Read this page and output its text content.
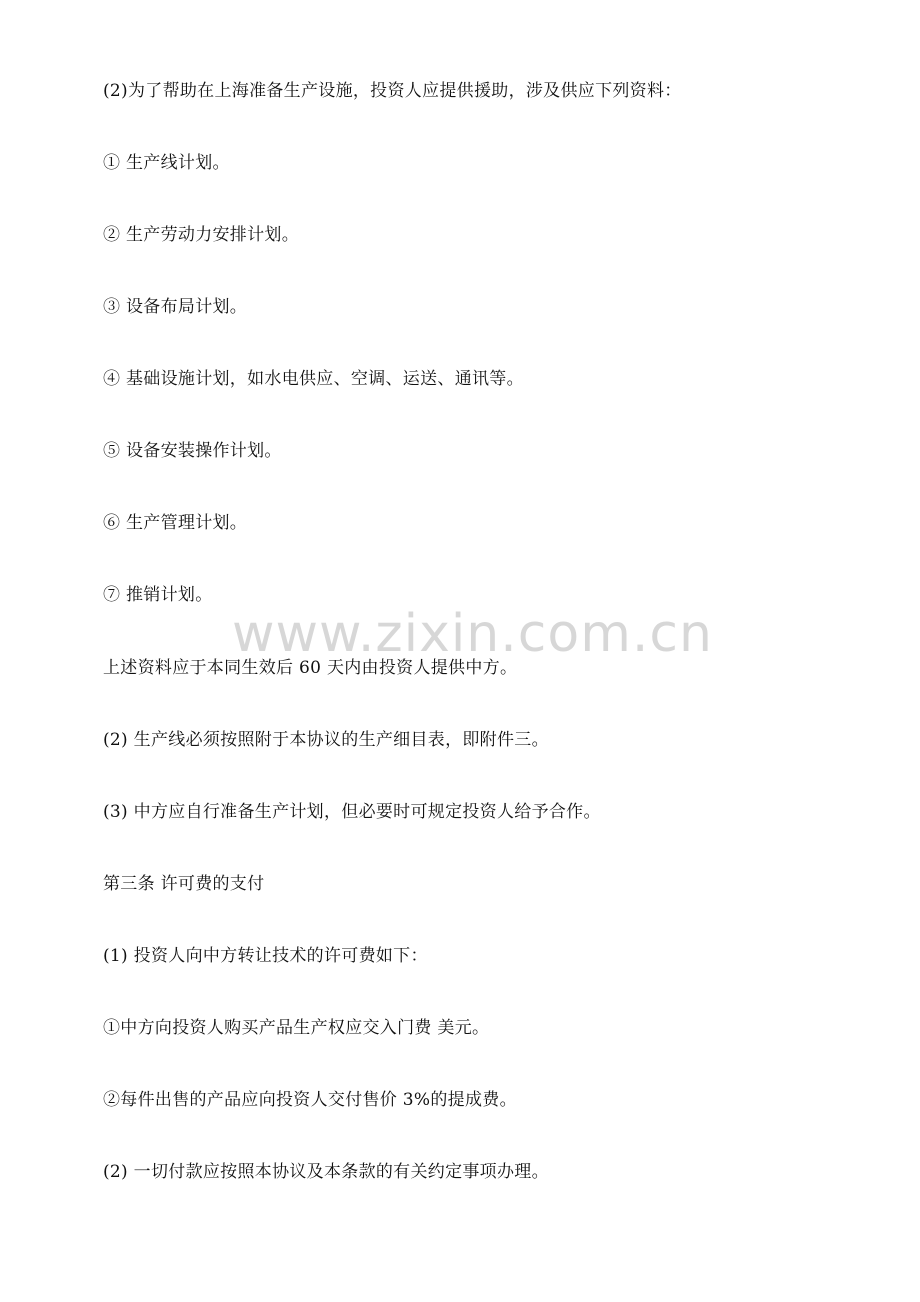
(2)为了帮助在上海准备生产设施，投资人应提供援助，涉及供应下列资料：
① 生产线计划。
② 生产劳动力安排计划。
③ 设备布局计划。
④ 基础设施计划，如水电供应、空调、运送、通讯等。
⑤ 设备安装操作计划。
⑥ 生产管理计划。
⑦ 推销计划。
上述资料应于本同生效后 60 天内由投资人提供中方。
(2) 生产线必须按照附于本协议的生产细目表，即附件三。
(3) 中方应自行准备生产计划，但必要时可规定投资人给予合作。
第三条 许可费的支付
(1) 投资人向中方转让技术的许可费如下：
①中方向投资人购买产品生产权应交入门费 美元。
②每件出售的产品应向投资人交付售价 3%的提成费。
(2) 一切付款应按照本协议及本条款的有关约定事项办理。
www.zixin.com.cn
